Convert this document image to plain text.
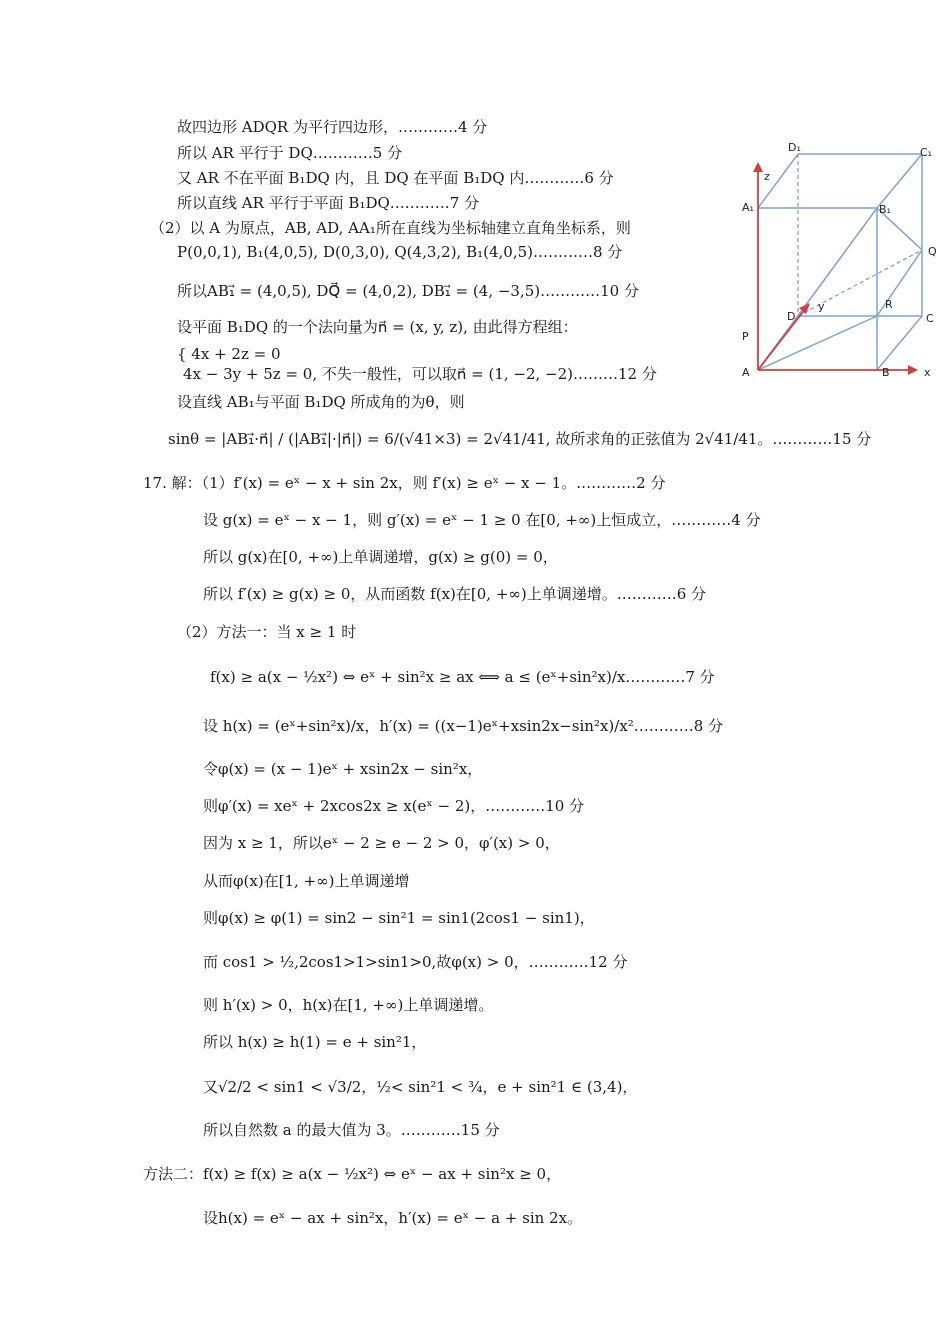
故四边形 ADQR 为平行四边形，…………4 分
所以 AR 平行于 DQ…………5 分
又 AR 不在平面 B₁DQ 内，且 DQ 在平面 B₁DQ 内…………6 分
所以直线 AR 平行于平面 B₁DQ…………7 分
（2）以 A 为原点，AB, AD, AA₁所在直线为坐标轴建立直角坐标系，则
P(0,0,1), B₁(4,0,5), D(0,3,0), Q(4,3,2), B₁(4,0,5)…………8 分
所以AB₁⃗ = (4,0,5), DQ⃗ = (4,0,2), DB₁⃗ = (4, −3,5)…………10 分
设平面 B₁DQ 的一个法向量为n⃗ = (x, y, z), 由此得方程组：
{ 4x + 2z = 0
4x − 3y + 5z = 0, 不失一般性，可以取n⃗ = (1, −2, −2)………12 分
设直线 AB₁与平面 B₁DQ 所成角的为θ，则
sinθ = |AB₁⃗·n⃗| / (|AB₁⃗|·|n⃗|) = 6/(√41×3) = 2√41/41, 故所求角的正弦值为 2√41/41。…………15 分
17. 解：（1）f′(x) = eˣ − x + sin 2x，则 f′(x) ≥ eˣ − x − 1。…………2 分
设 g(x) = eˣ − x − 1，则 g′(x) = eˣ − 1 ≥ 0 在[0, +∞)上恒成立，…………4 分
所以 g(x)在[0, +∞)上单调递增，g(x) ≥ g(0) = 0，
所以 f′(x) ≥ g(x) ≥ 0，从而函数 f(x)在[0, +∞)上单调递增。…………6 分
（2）方法一：当 x ≥ 1 时
f(x) ≥ a(x − ½x²) ⇔ eˣ + sin²x ≥ ax ⟺ a ≤ (eˣ+sin²x)/x…………7 分
设 h(x) = (eˣ+sin²x)/x，h′(x) = ((x−1)eˣ+xsin2x−sin²x)/x²…………8 分
令φ(x) = (x − 1)eˣ + xsin2x − sin²x，
则φ′(x) = xeˣ + 2xcos2x ≥ x(eˣ − 2)，…………10 分
因为 x ≥ 1，所以eˣ − 2 ≥ e − 2 > 0，φ′(x) > 0，
从而φ(x)在[1, +∞)上单调递增
则φ(x) ≥ φ(1) = sin2 − sin²1 = sin1(2cos1 − sin1)，
而 cos1 > ½,2cos1>1>sin1>0,故φ(x) > 0，…………12 分
则 h′(x) > 0，h(x)在[1, +∞)上单调递增。
所以 h(x) ≥ h(1) = e + sin²1，
又√2/2 < sin1 < √3/2，½< sin²1 < ¾，e + sin²1 ∈ (3,4)，
所以自然数 a 的最大值为 3。…………15 分
方法二：f(x) ≥ f(x) ≥ a(x − ½x²) ⇔ eˣ − ax + sin²x ≥ 0，
设h(x) = eˣ − ax + sin²x，h′(x) = eˣ − a + sin 2x。
D₁	C₁
z
A₁	B₁
Q
R
D
y
C
P
A	B	x
